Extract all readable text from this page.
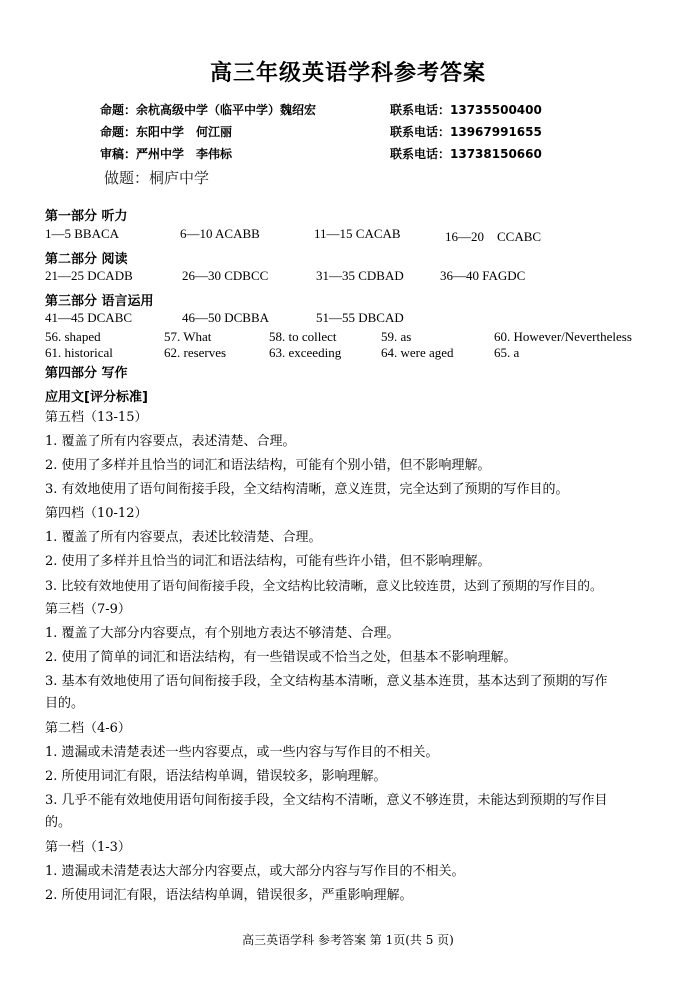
高三年级英语学科参考答案
命题：余杭高级中学（临平中学）魏绍宏	联系电话：13735500400
命题：东阳中学　何江丽	联系电话：13967991655
审稿：严州中学　李伟标	联系电话：13738150660
做题：桐庐中学
第一部分 听力
1—5 BBACA	6—10 ACABB	11—15 CACAB	16—20　CCABC
第二部分 阅读
21—25 DCADB	26—30 CDBCC	31—35 CDBAD	36—40 FAGDC
第三部分 语言运用
41—45 DCABC	46—50 DCBBA	51—55 DBCAD
56. shaped	57. What	58. to collect	59. as	60. However/Nevertheless
61. historical	62. reserves	63. exceeding	64. were aged	65. a
第四部分 写作
应用文[评分标准]
第五档（13-15）
1. 覆盖了所有内容要点，表述清楚、合理。
2. 使用了多样并且恰当的词汇和语法结构，可能有个别小错，但不影响理解。
3. 有效地使用了语句间衔接手段，全文结构清晰，意义连贯，完全达到了预期的写作目的。
第四档（10-12）
1. 覆盖了所有内容要点，表述比较清楚、合理。
2. 使用了多样并且恰当的词汇和语法结构，可能有些许小错，但不影响理解。
3. 比较有效地使用了语句间衔接手段，全文结构比较清晰，意义比较连贯，达到了预期的写作目的。
第三档（7-9）
1. 覆盖了大部分内容要点，有个别地方表达不够清楚、合理。
2. 使用了简单的词汇和语法结构，有一些错误或不恰当之处，但基本不影响理解。
3. 基本有效地使用了语句间衔接手段，全文结构基本清晰，意义基本连贯，基本达到了预期的写作
目的。
第二档（4-6）
1. 遗漏或未清楚表述一些内容要点，或一些内容与写作目的不相关。
2. 所使用词汇有限，语法结构单调，错误较多，影响理解。
3. 几乎不能有效地使用语句间衔接手段，全文结构不清晰，意义不够连贯，未能达到预期的写作目
的。
第一档（1-3）
1. 遗漏或未清楚表达大部分内容要点，或大部分内容与写作目的不相关。
2. 所使用词汇有限，语法结构单调，错误很多，严重影响理解。
高三英语学科 参考答案 第 1页(共 5 页)
